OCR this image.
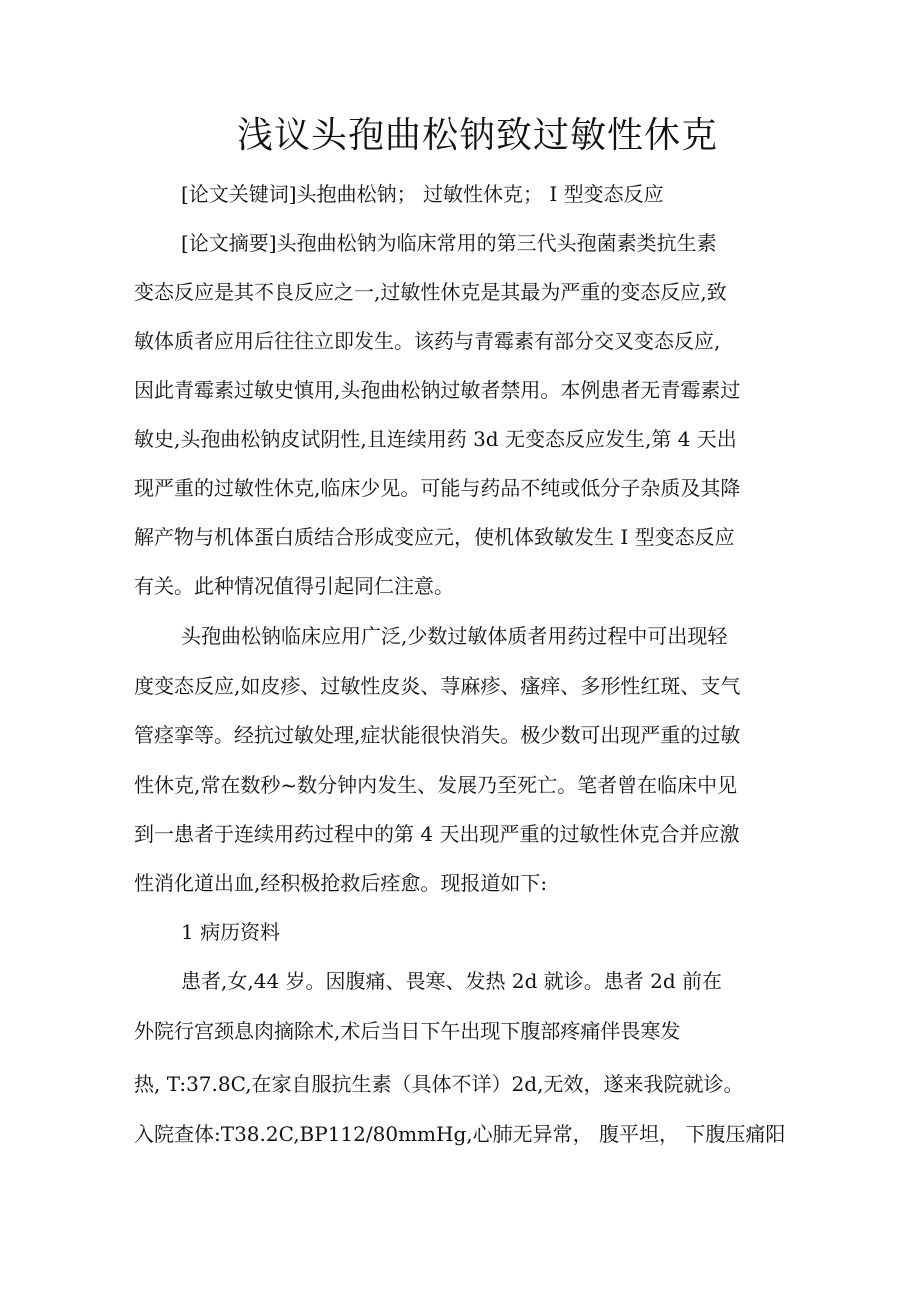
浅议头孢曲松钠致过敏性休克

[论文关键词]头抱曲松钠； 过敏性休克； I 型变态反应

[论文摘要]头孢曲松钠为临床常用的第三代头孢菌素类抗生素

变态反应是其不良反应之一,过敏性休克是其最为严重的变态反应,致

敏体质者应用后往往立即发生。该药与青霉素有部分交叉变态反应,

因此青霉素过敏史慎用,头孢曲松钠过敏者禁用。本例患者无青霉素过

敏史,头孢曲松钠皮试阴性,且连续用药 3d 无变态反应发生,第 4 天出

现严重的过敏性休克,临床少见。可能与药品不纯或低分子杂质及其降

解产物与机体蛋白质结合形成变应元，使机体致敏发生 I 型变态反应

有关。此种情况值得引起同仁注意。

头孢曲松钠临床应用广泛,少数过敏体质者用药过程中可出现轻

度变态反应,如皮疹、过敏性皮炎、荨麻疹、瘙痒、多形性红斑、支气

管痉挛等。经抗过敏处理,症状能很快消失。极少数可出现严重的过敏

性休克,常在数秒~数分钟内发生、发展乃至死亡。笔者曾在临床中见

到一患者于连续用药过程中的第 4 天出现严重的过敏性休克合并应激

性消化道出血,经积极抢救后痊愈。现报道如下:

1 病历资料

患者,女,44 岁。因腹痛、畏寒、发热 2d 就诊。患者 2d 前在

外院行宫颈息肉摘除术,术后当日下午出现下腹部疼痛伴畏寒发

热, T:37.8C,在家自服抗生素（具体不详）2d,无效，遂来我院就诊。

入院查体:T38.2C,BP112/80mmHg,心肺无异常， 腹平坦， 下腹压痛阳
